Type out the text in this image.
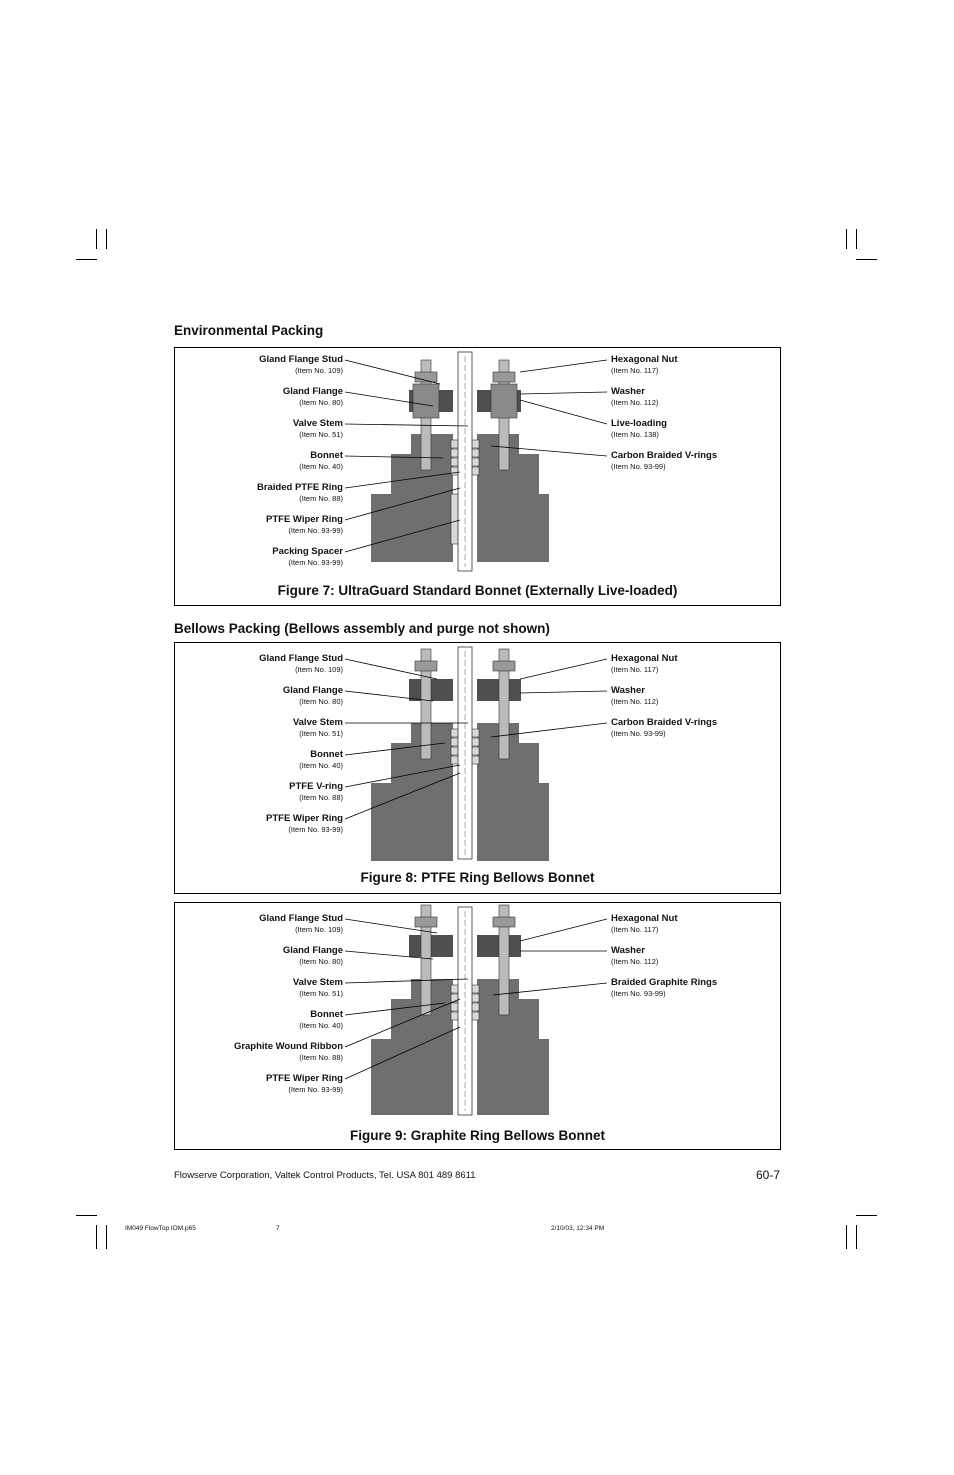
Environmental Packing
Figure 7: UltraGuard Standard Bonnet (Externally Live-loaded)
Gland Flange Stud
(Item No. 109)
Gland Flange
(Item No. 80)
Valve Stem
(Item No. 51)
Bonnet
(Item No. 40)
Braided PTFE Ring
(Item No. 88)
PTFE Wiper Ring
(Item No. 93-99)
Packing Spacer
(Item No. 93-99)
Hexagonal Nut
(Item No. 117)
Washer
(Item No. 112)
Live-loading
(Item No. 138)
Carbon Braided V-rings
(Item No. 93-99)
Bellows Packing (Bellows assembly and purge not shown)
Figure 8: PTFE Ring Bellows Bonnet
Gland Flange Stud
(Item No. 109)
Gland Flange
(Item No. 80)
Valve Stem
(Item No. 51)
Bonnet
(Item No. 40)
PTFE V-ring
(Item No. 88)
PTFE Wiper Ring
(Item No. 93-99)
Hexagonal Nut
(Item No. 117)
Washer
(Item No. 112)
Carbon Braided V-rings
(Item No. 93-99)
Figure 9: Graphite Ring Bellows Bonnet
Gland Flange Stud
(Item No. 109)
Gland Flange
(Item No. 80)
Valve Stem
(Item No. 51)
Bonnet
(Item No. 40)
Graphite Wound Ribbon
(Item No. 88)
PTFE Wiper Ring
(Item No. 93-99)
Hexagonal Nut
(Item No. 117)
Washer
(Item No. 112)
Braided Graphite Rings
(Item No. 93-99)
Flowserve Corporation, Valtek Control Products, Tel. USA 801 489 8611	60-7
IM049 FlowTop IOM.p65	7	2/10/03, 12:34 PM
